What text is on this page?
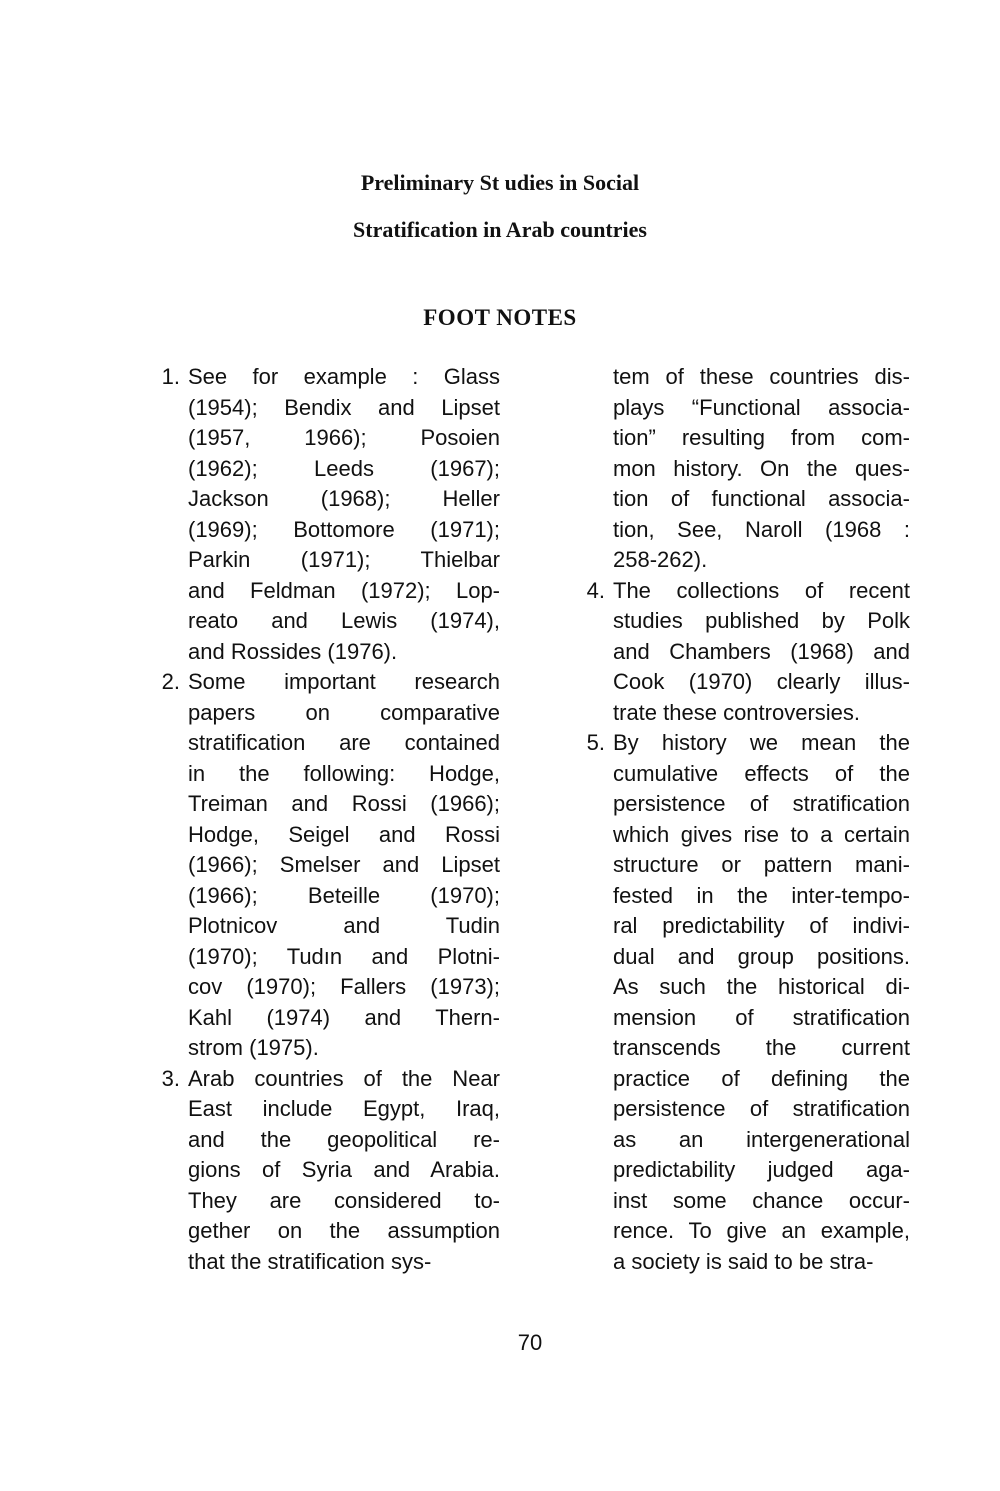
Preliminary St udies in Social
Stratification in Arab countries
FOOT NOTES
1. See for example : Glass
(1954); Bendix and Lipset
(1957, 1966); Posoien
(1962); Leeds (1967);
Jackson (1968); Heller
(1969); Bottomore (1971);
Parkin (1971); Thielbar
and Feldman (1972); Lop-
reato and Lewis (1974),
and Rossides (1976).
2. Some important research
papers on comparative
stratification are contained
in the following: Hodge,
Treiman and Rossi (1966);
Hodge, Seigel and Rossi
(1966); Smelser and Lipset
(1966); Beteille (1970);
Plotnicov and Tudin
(1970); Tudın and Plotni-
cov (1970); Fallers (1973);
Kahl (1974) and Thern-
strom (1975).
3. Arab countries of the Near
East include Egypt, Iraq,
and the geopolitical re-
gions of Syria and Arabia.
They are considered to-
gether on the assumption
that the stratification sys-
tem of these countries dis-
plays “Functional associa-
tion” resulting from com-
mon history. On the ques-
tion of functional associa-
tion, See, Naroll (1968 :
258-262).
4. The collections of recent
studies published by Polk
and Chambers (1968) and
Cook (1970) clearly illus-
trate these controversies.
5. By history we mean the
cumulative effects of the
persistence of stratification
which gives rise to a certain
structure or pattern mani-
fested in the inter-tempo-
ral predictability of indivi-
dual and group positions.
As such the historical di-
mension of stratification
transcends the current
practice of defining the
persistence of stratification
as an intergenerational
predictability judged aga-
inst some chance occur-
rence. To give an example,
a society is said to be stra-
70
